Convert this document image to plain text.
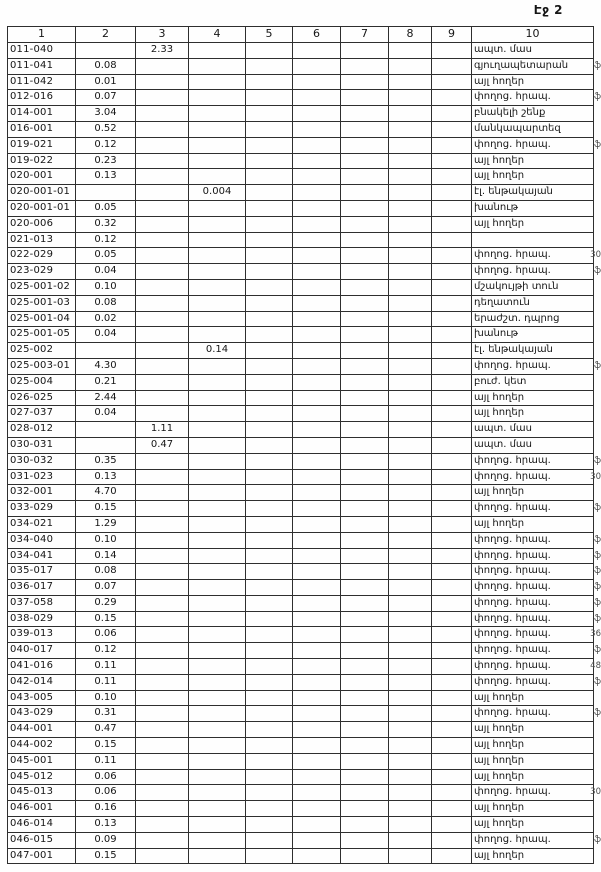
Էջ 2
1	2	3	4	5	6	7	8	9	10
011-040		2.33							ապտ. մաս
011-041	0.08								գյուղապետարան ֆ

011-042	0.01								այլ հողեր
012-016	0.07								փողոց. հրապ. ֆ

014-001	3.04								բնակելի շենք
016-001	0.52								մանկապարտեզ
019-021	0.12								փողոց. հրապ. ֆ

019-022	0.23								այլ հողեր
020-001	0.13								այլ հողեր
020-001-01			0.004						էլ. ենթակայան
020-001-01	0.05								խանութ
020-006	0.32								այլ հողեր
021-013	0.12								
022-029	0.05								փողոց. հրապ. 30

023-029	0.04								փողոց. հրապ. ֆ

025-001-02	0.10								մշակույթի տուն
025-001-03	0.08								դեղատուն
025-001-04	0.02								երաժշտ. դպրոց
025-001-05	0.04								խանութ
025-002			0.14						էլ. ենթակայան
025-003-01	4.30								փողոց. հրապ. ֆ

025-004	0.21								բուժ. կետ
026-025	2.44								այլ հողեր
027-037	0.04								այլ հողեր
028-012		1.11							ապտ. մաս
030-031		0.47							ապտ. մաս
030-032	0.35								փողոց. հրապ. ֆ

031-023	0.13								փողոց. հրապ. 30

032-001	4.70								այլ հողեր
033-029	0.15								փողոց. հրապ. ֆ

034-021	1.29								այլ հողեր
034-040	0.10								փողոց. հրապ. ֆ

034-041	0.14								փողոց. հրապ. ֆ

035-017	0.08								փողոց. հրապ. ֆ

036-017	0.07								փողոց. հրապ. ֆ

037-058	0.29								փողոց. հրապ. ֆ

038-029	0.15								փողոց. հրապ. ֆ

039-013	0.06								փողոց. հրապ. 36

040-017	0.12								փողոց. հրապ. ֆ

041-016	0.11								փողոց. հրապ. 48

042-014	0.11								փողոց. հրապ. ֆ

043-005	0.10								այլ հողեր
043-029	0.31								փողոց. հրապ. ֆ

044-001	0.47								այլ հողեր
044-002	0.15								այլ հողեր
045-001	0.11								այլ հողեր
045-012	0.06								այլ հողեր
045-013	0.06								փողոց. հրապ. 30

046-001	0.16								այլ հողեր
046-014	0.13								այլ հողեր
046-015	0.09								փողոց. հրապ. ֆ

047-001	0.15								այլ հողեր
